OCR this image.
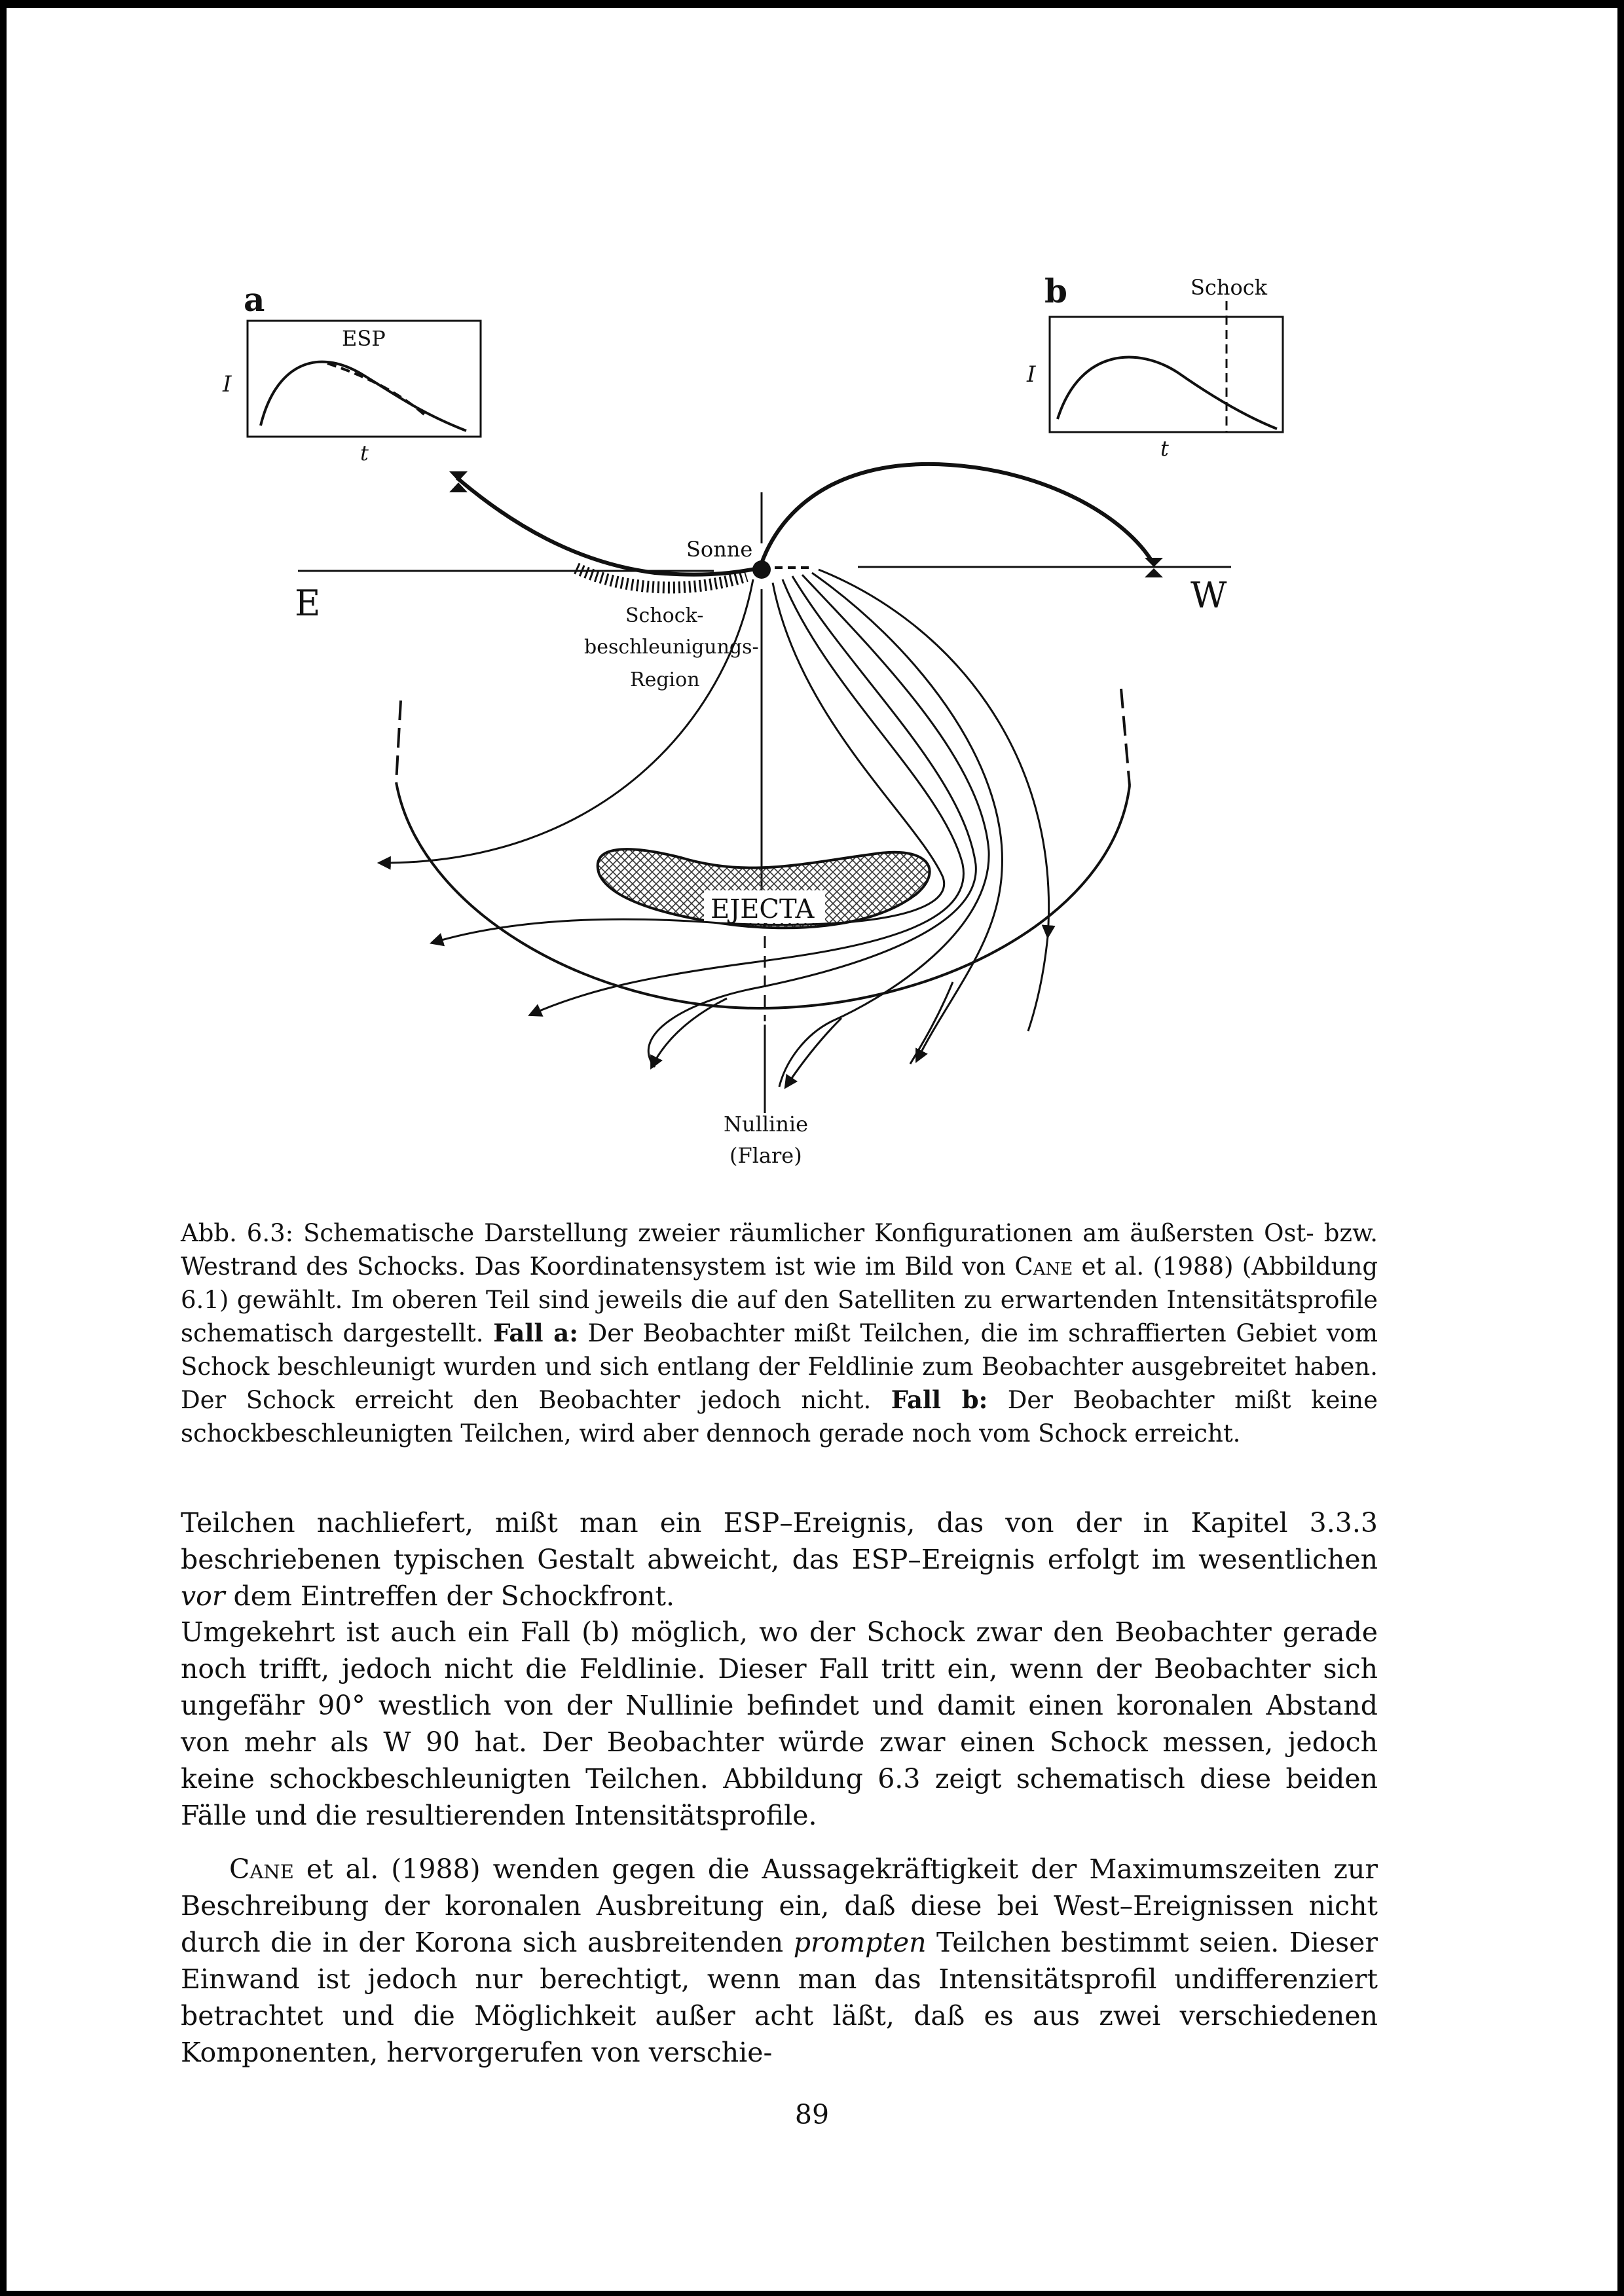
a
ESP
I
t
b	Schock
I
t
E	W
Sonne
Schock-
beschleunigungs-
Region
EJECTA
Nullinie
(Flare)
Abb. 6.3: Schematische Darstellung zweier räumlicher Konfigurationen am äußersten Ost- bzw. Westrand des Schocks. Das Koordinatensystem ist wie im Bild von Cane et al. (1988) (Abbildung 6.1) gewählt. Im oberen Teil sind jeweils die auf den Satelliten zu erwartenden Intensitätsprofile schematisch dargestellt. Fall a: Der Beobachter mißt Teilchen, die im schraffierten Gebiet vom Schock beschleunigt wurden und sich entlang der Feldlinie zum Beobachter ausgebreitet haben. Der Schock erreicht den Beobachter jedoch nicht. Fall b: Der Beobachter mißt keine schockbeschleunigten Teilchen, wird aber dennoch gerade noch vom Schock erreicht.

Teilchen nachliefert, mißt man ein ESP–Ereignis, das von der in Kapitel 3.3.3 beschriebenen typischen Gestalt abweicht, das ESP–Ereignis erfolgt im wesentlichen vor dem Eintreffen der Schockfront.

Umgekehrt ist auch ein Fall (b) möglich, wo der Schock zwar den Beobachter gerade noch trifft, jedoch nicht die Feldlinie. Dieser Fall tritt ein, wenn der Beobachter sich ungefähr 90° westlich von der Nullinie befindet und damit einen koronalen Abstand von mehr als W 90 hat. Der Beobachter würde zwar einen Schock messen, jedoch keine schockbeschleunigten Teilchen. Abbildung 6.3 zeigt schematisch diese beiden Fälle und die resultierenden Intensitätsprofile.

Cane et al. (1988) wenden gegen die Aussagekräftigkeit der Maximumszeiten zur Beschreibung der koronalen Ausbreitung ein, daß diese bei West–Ereignissen nicht durch die in der Korona sich ausbreitenden prompten Teilchen bestimmt seien. Dieser Einwand ist jedoch nur berechtigt, wenn man das Intensitätsprofil undifferenziert betrachtet und die Möglichkeit außer acht läßt, daß es aus zwei verschiedenen Komponenten, hervorgerufen von verschie-

89
